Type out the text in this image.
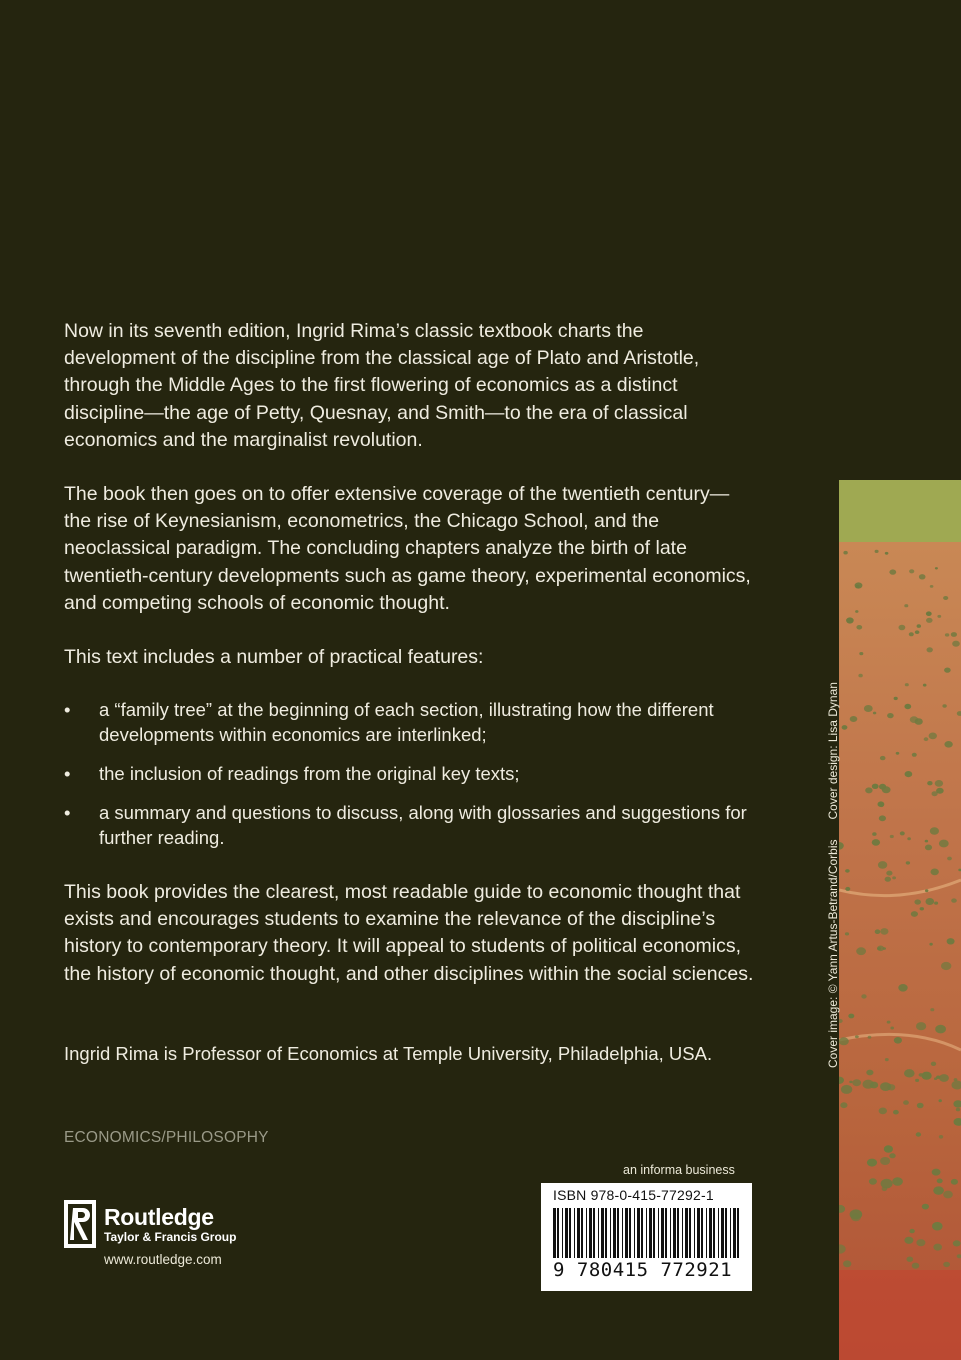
Now in its seventh edition, Ingrid Rima’s classic textbook charts the development of the discipline from the classical age of Plato and Aristotle, through the Middle Ages to the first flowering of economics as a distinct discipline—the age of Petty, Quesnay, and Smith—to the era of classical economics and the marginalist revolution.

The book then goes on to offer extensive coverage of the twentieth century—the rise of Keynesianism, econometrics, the Chicago School, and the neoclassical paradigm. The concluding chapters analyze the birth of late twentieth-century developments such as game theory, experimental economics, and competing schools of economic thought.

This text includes a number of practical features:

• a “family tree” at the beginning of each section, illustrating how the different developments within economics are interlinked;
• the inclusion of readings from the original key texts;
• a summary and questions to discuss, along with glossaries and suggestions for further reading.

This book provides the clearest, most readable guide to economic thought that exists and encourages students to examine the relevance of the discipline’s history to contemporary theory. It will appeal to students of political economics, the history of economic thought, and other disciplines within the social sciences.

Ingrid Rima is Professor of Economics at Temple University, Philadelphia, USA.

ECONOMICS/PHILOSOPHY
Routledge
Taylor & Francis Group
www.routledge.com
an informa business
ISBN 978-0-415-77292-1
9 780415 772921
Cover image: © Yann Artus-Betrand/CorbisCover design: Lisa Dynan
